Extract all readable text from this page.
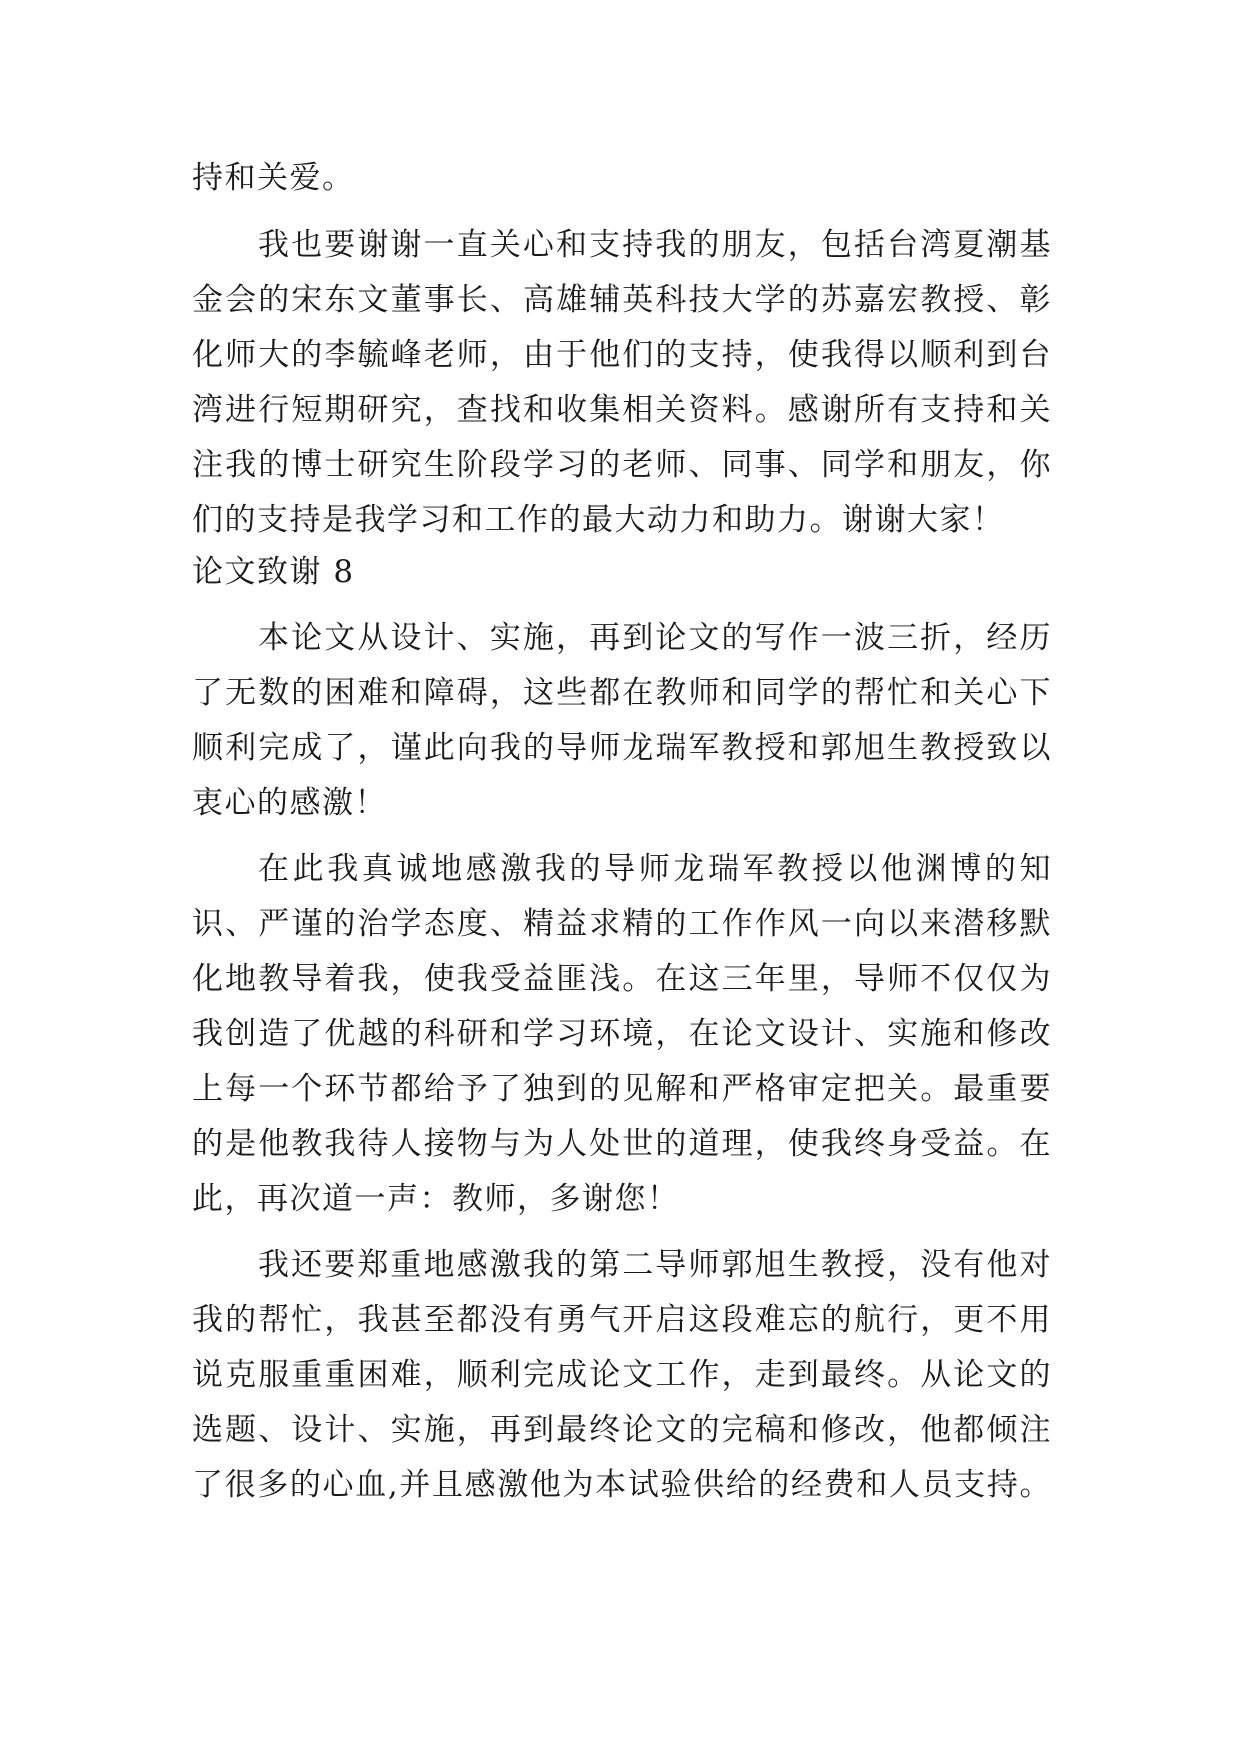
持和关爱。
我也要谢谢一直关心和支持我的朋友，包括台湾夏潮基
金会的宋东文董事长、高雄辅英科技大学的苏嘉宏教授、彰
化师大的李毓峰老师，由于他们的支持，使我得以顺利到台
湾进行短期研究，查找和收集相关资料。感谢所有支持和关
注我的博士研究生阶段学习的老师、同事、同学和朋友，你
们的支持是我学习和工作的最大动力和助力。谢谢大家！
论文致谢 8
本论文从设计、实施，再到论文的写作一波三折，经历
了无数的困难和障碍，这些都在教师和同学的帮忙和关心下
顺利完成了，谨此向我的导师龙瑞军教授和郭旭生教授致以
衷心的感激！
在此我真诚地感激我的导师龙瑞军教授以他渊博的知
识、严谨的治学态度、精益求精的工作作风一向以来潜移默
化地教导着我，使我受益匪浅。在这三年里，导师不仅仅为
我创造了优越的科研和学习环境，在论文设计、实施和修改
上每一个环节都给予了独到的见解和严格审定把关。最重要
的是他教我待人接物与为人处世的道理，使我终身受益。在
此，再次道一声：教师，多谢您！
我还要郑重地感激我的第二导师郭旭生教授，没有他对
我的帮忙，我甚至都没有勇气开启这段难忘的航行，更不用
说克服重重困难，顺利完成论文工作，走到最终。从论文的
选题、设计、实施，再到最终论文的完稿和修改，他都倾注
了很多的心血,并且感激他为本试验供给的经费和人员支持。
